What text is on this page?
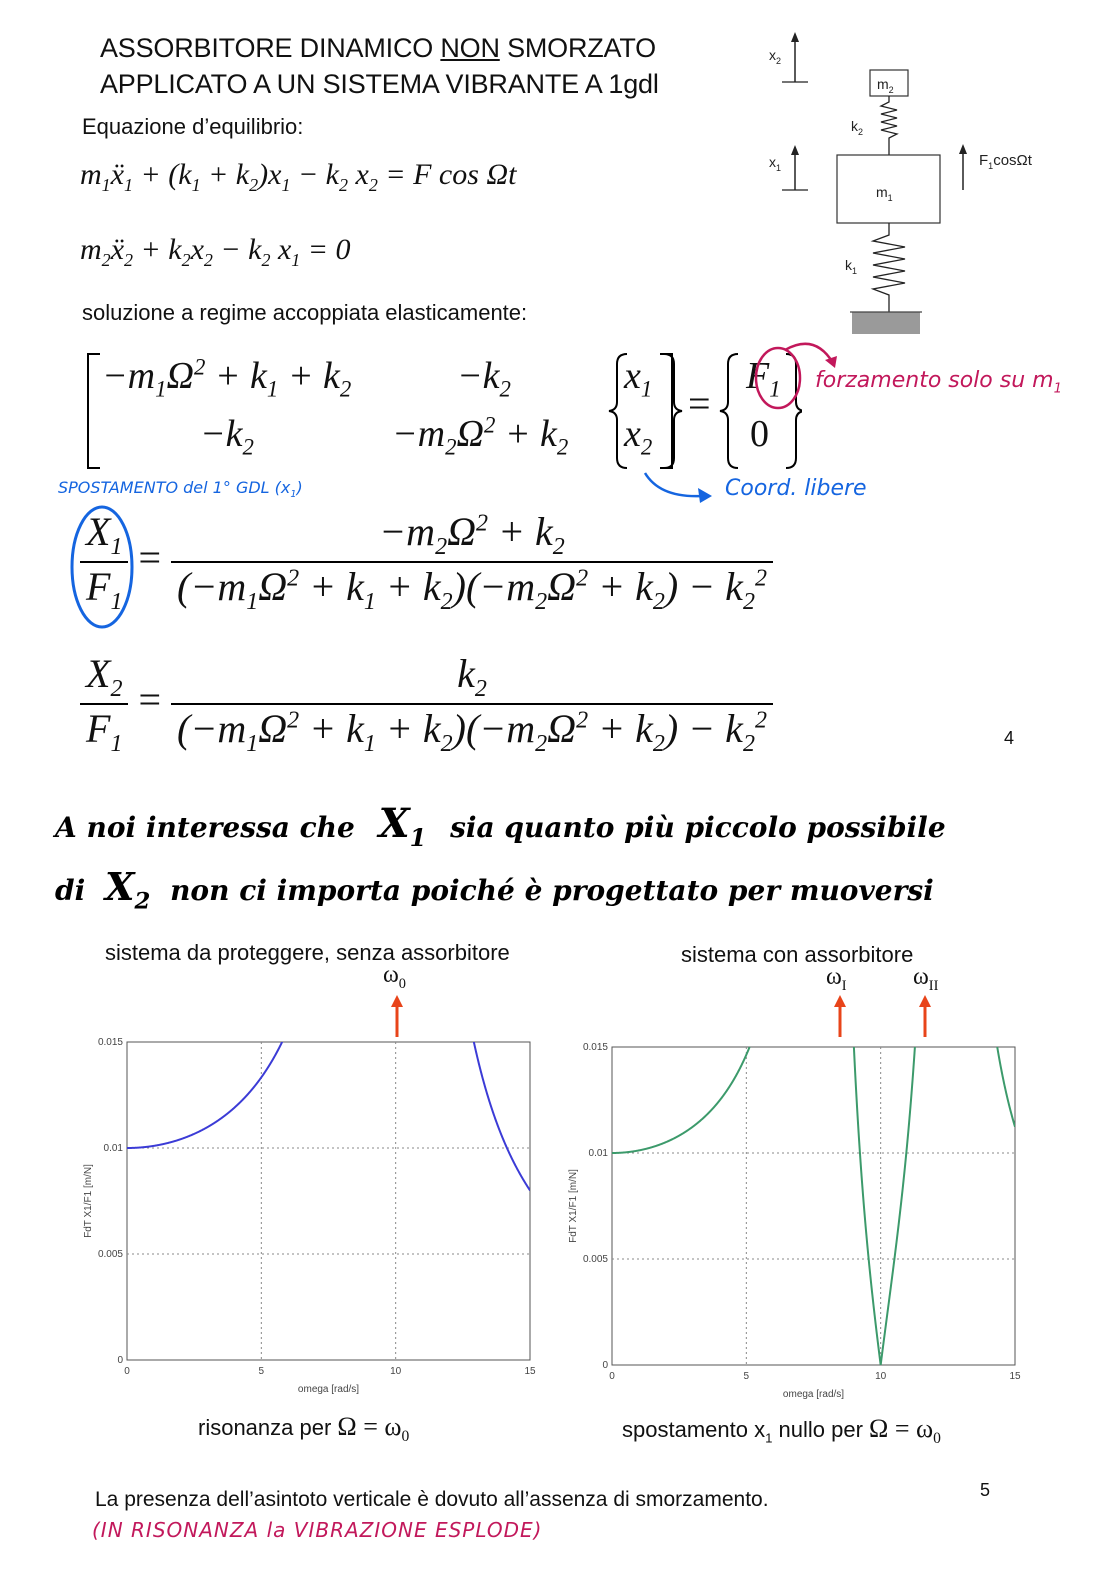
ASSORBITORE DINAMICO NON SMORZATO
APPLICATO A UN SISTEMA VIBRANTE A 1gdl
Equazione d’equilibrio:
$m_1ẍ_1 + (k_1 + k_2)x_1 - k_2$ $x_2 = F$ cos Ωt
$m_2ẍ_2 + k_2x_2 - k_2$ $x_1 = 0$
soluzione a regime accoppiata elasticamente:
$x_2$
$x_1$
$m_2$
$m_1$
$k_2$
$k_1$
$F_1\cos\Omega t$
$-m_1\Omega^2 + k_1 + k_2$	$-k_2$
$-k_2$	$-m_2\Omega^2 + k_2$
$x_1$
$x_2$
=
$F_1$
0
forzamento solo su $m_1$
Coord. libere
SPOSTAMENTO del 1° GDL $(x_1)$
$\frac{X_1}{F_1} = \frac{-m_2\Omega^2 + k_2}{(-m_1\Omega^2 + k_1 + k_2)(-m_2\Omega^2 + k_2) - k_2^2}$
$\frac{X_2}{F_1} = \frac{k_2}{(-m_1\Omega^2 + k_1 + k_2)(-m_2\Omega^2 + k_2) - k_2^2}$	4
A noi interessa che $X_1$ sia quanto più piccolo possibile
di $X_2$ non ci importa poiché è progettato per muoversi
sistema da proteggere, senza assorbitore	sistema con assorbitore
$\omega_0$	$\omega_I$	$\omega_{II}$
0	5	10	15
0
0.005
0.01
0.015
omega [rad/s]
FdT X1/F1 [m/N]
0	5	10	15
0
0.005
0.01
0.015
omega [rad/s]
FdT X1/F1 [m/N]
risonanza per $\Omega = \omega_0$	spostamento $x_1$ nullo per $\Omega = \omega_0$
La presenza dell’asintoto verticale è dovuto all’assenza di smorzamento.	5
(IN RISONANZA la VIBRAZIONE ESPLODE)
